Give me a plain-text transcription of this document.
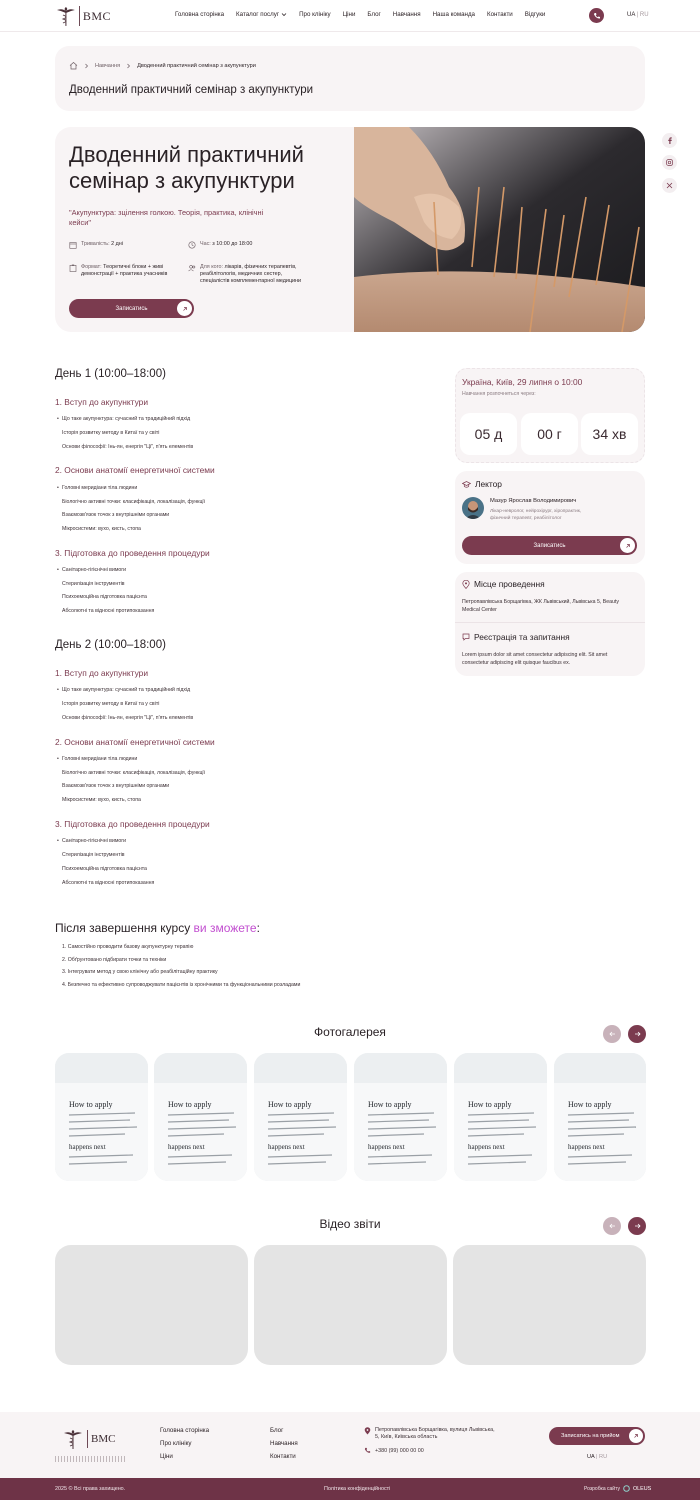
BMC	Головна сторінка Каталог послуг	Про клініку Ціни Блог Навчання Наша команда Контакти Відгуки	UA | RU
Навчання	Дводенний практичний семінар з акупунктури
Дводенний практичний семінар з акупунктури
Дводенний практичний семінар з акупунктури
"Акупунктура: зцілення голкою. Теорія, практика, клінічні кейси"
Тривалість: 2 дні	Час: з 10:00 до 18:00
Формат: Теоретичні блоки + живі демонстрації + практика учасників
Для кого: лікарів, фізичних терапевтів, реабілітологів, медичних сестер, спеціалістів комплементарної медицини
Записатись
День 1 (10:00–18:00)
1. Вступ до акупунктури
• Що таке акупунктура: сучасний та традиційний підхід
Історія розвитку методу в Китаї та у світі
Основи філософії: Інь-ян, енергія "Ці", п'ять елементів
2. Основи анатомії енергетичної системи
• Головні меридіани тіла людини
Біологічно активні точки: класифікація, локалізація, функції
Взаємозв'язок точок з внутрішніми органами
Мікросистеми: вухо, кисть, стопа
3. Підготовка до проведення процедури
• Санітарно-гігієнічні вимоги
Стерилізація інструментів
Психоемоційна підготовка пацієнта
Абсолютні та відносні протипоказання
День 2 (10:00–18:00)
1. Вступ до акупунктури
• Що таке акупунктура: сучасний та традиційний підхід
Історія розвитку методу в Китаї та у світі
Основи філософії: Інь-ян, енергія "Ці", п'ять елементів
2. Основи анатомії енергетичної системи
• Головні меридіани тіла людини
Біологічно активні точки: класифікація, локалізація, функції
Взаємозв'язок точок з внутрішніми органами
Мікросистеми: вухо, кисть, стопа
3. Підготовка до проведення процедури
• Санітарно-гігієнічні вимоги
Стерилізація інструментів
Психоемоційна підготовка пацієнта
Абсолютні та відносні протипоказання
Україна, Київ, 29 липня о 10:00
Навчання розпочнеться через:
05 д	00 г	34 хв
Лектор
Мазур Ярослав Володимирович
Лікар-невролог, нейрохірург, хіропрактик, фізичний терапевт, реабілітолог
Записатись
Місце проведення
Петропавлівська Борщагівка, ЖК Львівський, Львівська 5, Beauty Medical Center
Реєстрація та запитання
Lorem ipsum dolor sit amet consectetur adipiscing elit. Sit amet consectetur adipiscing elit quisque faucibus ex.
Після завершення курсу ви зможете:
1. Самостійно проводити базову акупунктурну терапію
2. Обґрунтовано підбирати точки та техніки
3. Інтегрувати метод у свою клінічну або реабілітаційну практику
4. Безпечно та ефективно супроводжувати пацієнтів із хронічними та функціональними розладами
Фотогалерея
How to apply
happens next
How to apply
happens next
How to apply
happens next
How to apply
happens next
How to apply
happens next
How to apply
happens next
Відео звіти
BMC
Головна сторінка
Про клініку
Ціни
Блог
Навчання
Контакти
Петропавлівська Борщагівка, вулиця Львівська, 5, Київ, Київська область
+380 (99) 000 00 00
Записатись на прийом
UA | RU
2025 © Всі права захищено.	Політика конфіденційності	Розробка сайту OLEUS
